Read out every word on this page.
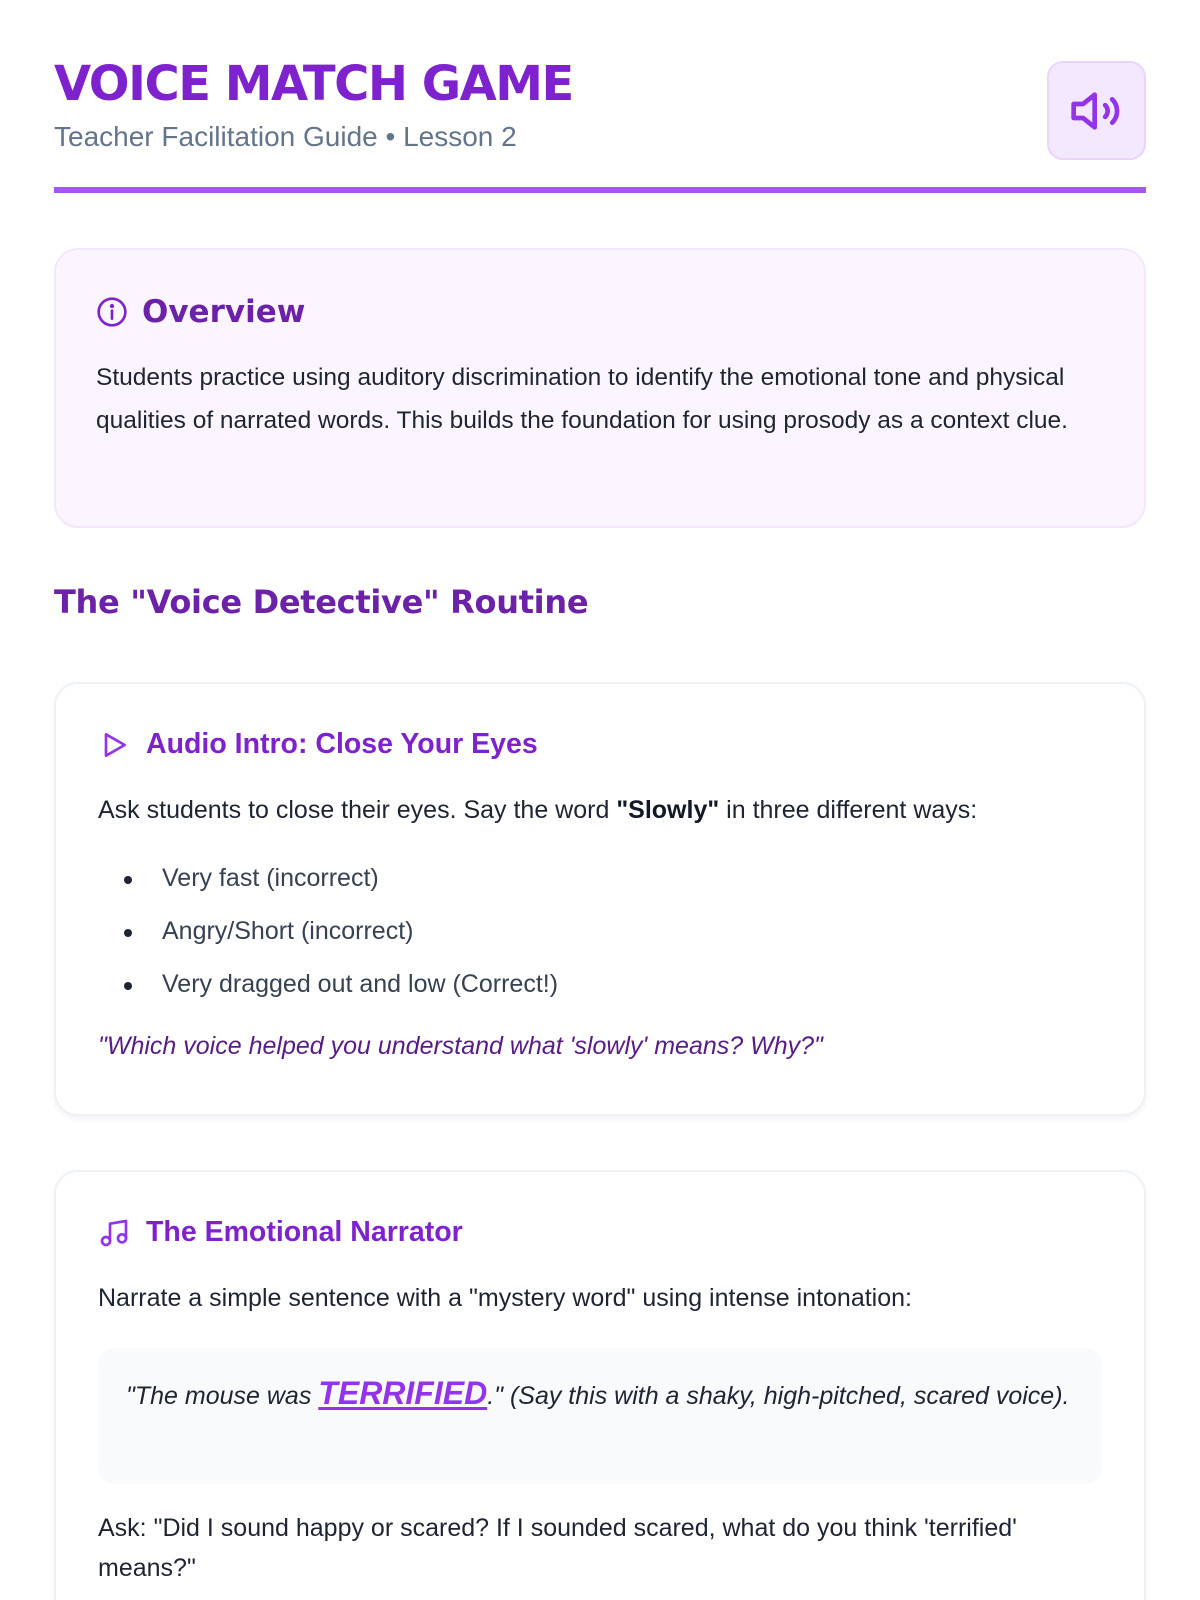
VOICE MATCH GAME
Teacher Facilitation Guide • Lesson 2
Overview

Students practice using auditory discrimination to identify the emotional tone and physical qualities of narrated words. This builds the foundation for using prosody as a context clue.

The "Voice Detective" Routine
Audio Intro: Close Your Eyes
Ask students to close their eyes. Say the word "Slowly" in three different ways:
Very fast (incorrect)
Angry/Short (incorrect)
Very dragged out and low (Correct!)
"Which voice helped you understand what 'slowly' means? Why?"
The Emotional Narrator
Narrate a simple sentence with a "mystery word" using intense intonation:
"The mouse was TERRIFIED." (Say this with a shaky, high-pitched, scared voice).
Ask: "Did I sound happy or scared? If I sounded scared, what do you think 'terrified' means?"
